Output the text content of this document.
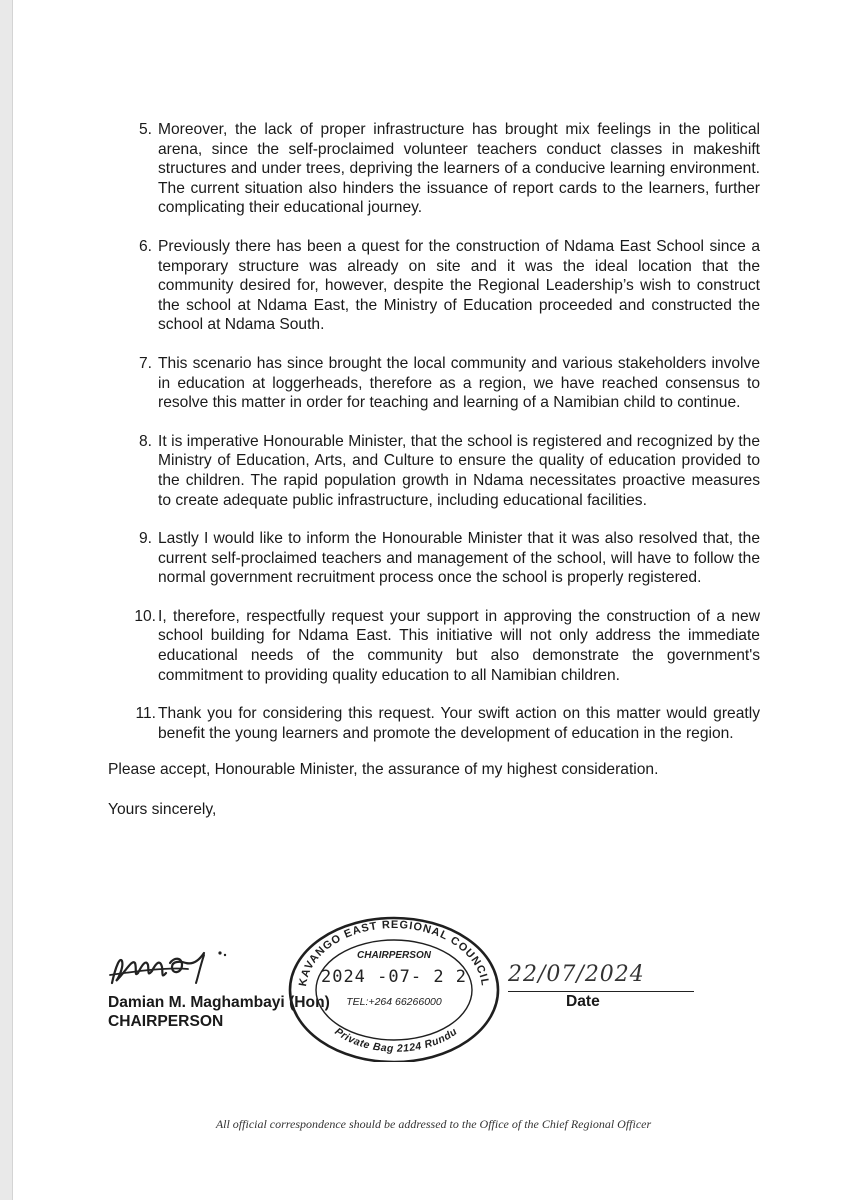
5. Moreover, the lack of proper infrastructure has brought mix feelings in the political arena, since the self-proclaimed volunteer teachers conduct classes in makeshift structures and under trees, depriving the learners of a conducive learning environment. The current situation also hinders the issuance of report cards to the learners, further complicating their educational journey.
6. Previously there has been a quest for the construction of Ndama East School since a temporary structure was already on site and it was the ideal location that the community desired for, however, despite the Regional Leadership’s wish to construct the school at Ndama East, the Ministry of Education proceeded and constructed the school at Ndama South.
7. This scenario has since brought the local community and various stakeholders involve in education at loggerheads, therefore as a region, we have reached consensus to resolve this matter in order for teaching and learning of a Namibian child to continue.
8. It is imperative Honourable Minister, that the school is registered and recognized by the Ministry of Education, Arts, and Culture to ensure the quality of education provided to the children. The rapid population growth in Ndama necessitates proactive measures to create adequate public infrastructure, including educational facilities.
9. Lastly I would like to inform the Honourable Minister that it was also resolved that, the current self-proclaimed teachers and management of the school, will have to follow the normal government recruitment process once the school is properly registered.
10. I, therefore, respectfully request your support in approving the construction of a new school building for Ndama East. This initiative will not only address the immediate educational needs of the community but also demonstrate the government's commitment to providing quality education to all Namibian children.
11. Thank you for considering this request. Your swift action on this matter would greatly benefit the young learners and promote the development of education in the region.
Please accept, Honourable Minister, the assurance of my highest consideration.
Yours sincerely,
Damian M. Maghambayi (Hon)
CHAIRPERSON
KAVANGO EAST REGIONAL COUNCIL
Private Bag 2124 Rundu
CHAIRPERSON
2024 -07- 2 2
TEL:+264 66266000
22/07/2024
Date
All official correspondence should be addressed to the Office of the Chief Regional Officer
